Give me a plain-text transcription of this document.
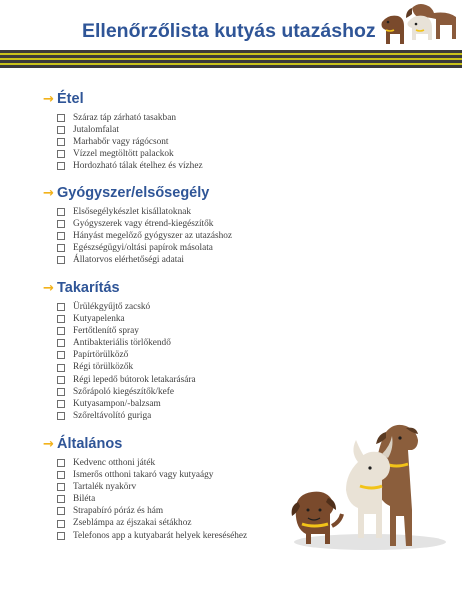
Ellenőrzőlista kutyás utazáshoz
→ Étel
Száraz táp zárható tasakban
Jutalomfalat
Marhabőr vagy rágócsont
Vízzel megtöltött palackok
Hordozható tálak ételhez és vízhez
→ Gyógyszer/elsősegély
Elsősegélykészlet kisállatoknak
Gyógyszerek vagy étrend-kiegészítők
Hányást megelőző gyógyszer az utazáshoz
Egészségügyi/oltási papírok másolata
Állatorvos elérhetőségi adatai
→ Takarítás
Ürülékgyűjtő zacskó
Kutyapelenka
Fertőtlenítő spray
Antibakteriális törlőkendő
Papírtörülköző
Régi törülközők
Régi lepedő bútorok letakarására
Szőrápoló kiegészítők/kefe
Kutyasampon/-balzsam
Szőreltávolító guriga
→ Általános
Kedvenc otthoni játék
Ismerős otthoni takaró vagy kutyaágy
Tartalék nyakörv
Biléta
Strapabíró póráz és hám
Zseblámpa az éjszakai sétákhoz
Telefonos app a kutyabarát helyek kereséséhez
